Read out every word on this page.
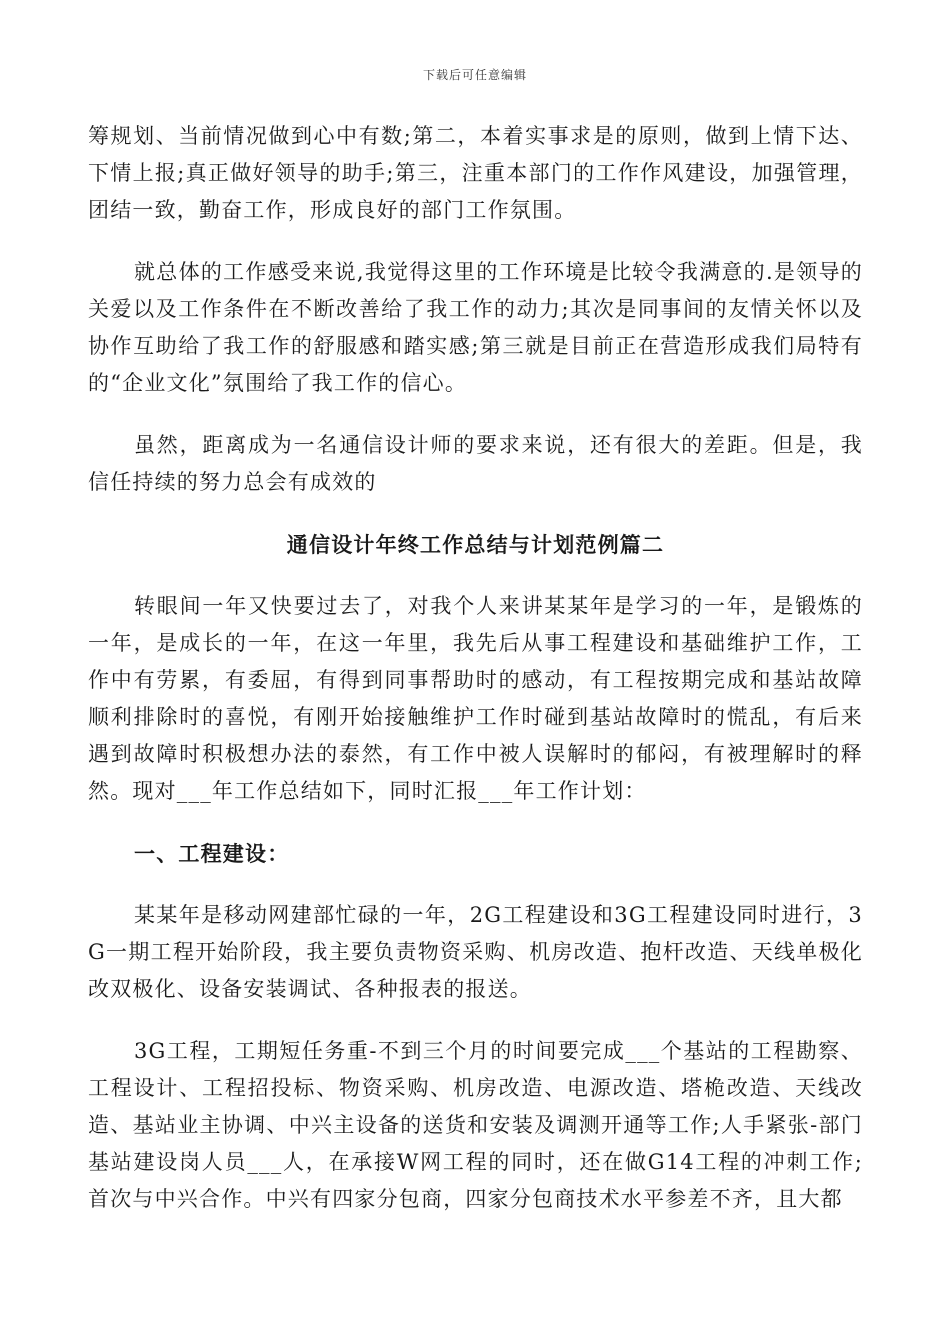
下载后可任意编辑

筹规划、当前情况做到心中有数;第二，本着实事求是的原则，做到上情下达、下情上报;真正做好领导的助手;第三，注重本部门的工作作风建设，加强管理，团结一致，勤奋工作，形成良好的部门工作氛围。

就总体的工作感受来说,我觉得这里的工作环境是比较令我满意的.是领导的关爱以及工作条件在不断改善给了我工作的动力;其次是同事间的友情关怀以及协作互助给了我工作的舒服感和踏实感;第三就是目前正在营造形成我们局特有的“企业文化”氛围给了我工作的信心。

虽然，距离成为一名通信设计师的要求来说，还有很大的差距。但是，我信任持续的努力总会有成效的

通信设计年终工作总结与计划范例篇二

转眼间一年又快要过去了，对我个人来讲某某年是学习的一年，是锻炼的一年，是成长的一年，在这一年里，我先后从事工程建设和基础维护工作，工作中有劳累，有委屈，有得到同事帮助时的感动，有工程按期完成和基站故障顺利排除时的喜悦，有刚开始接触维护工作时碰到基站故障时的慌乱，有后来遇到故障时积极想办法的泰然，有工作中被人误解时的郁闷，有被理解时的释然。现对___年工作总结如下，同时汇报___年工作计划：

一、工程建设：

某某年是移动网建部忙碌的一年，2G工程建设和3G工程建设同时进行，3G一期工程开始阶段，我主要负责物资采购、机房改造、抱杆改造、天线单极化改双极化、设备安装调试、各种报表的报送。

3G工程，工期短任务重-不到三个月的时间要完成___个基站的工程勘察、工程设计、工程招投标、物资采购、机房改造、电源改造、塔桅改造、天线改造、基站业主协调、中兴主设备的送货和安装及调测开通等工作;人手紧张-部门基站建设岗人员___人，在承接W网工程的同时，还在做G14工程的冲刺工作;首次与中兴合作。中兴有四家分包商，四家分包商技术水平参差不齐，且大都
